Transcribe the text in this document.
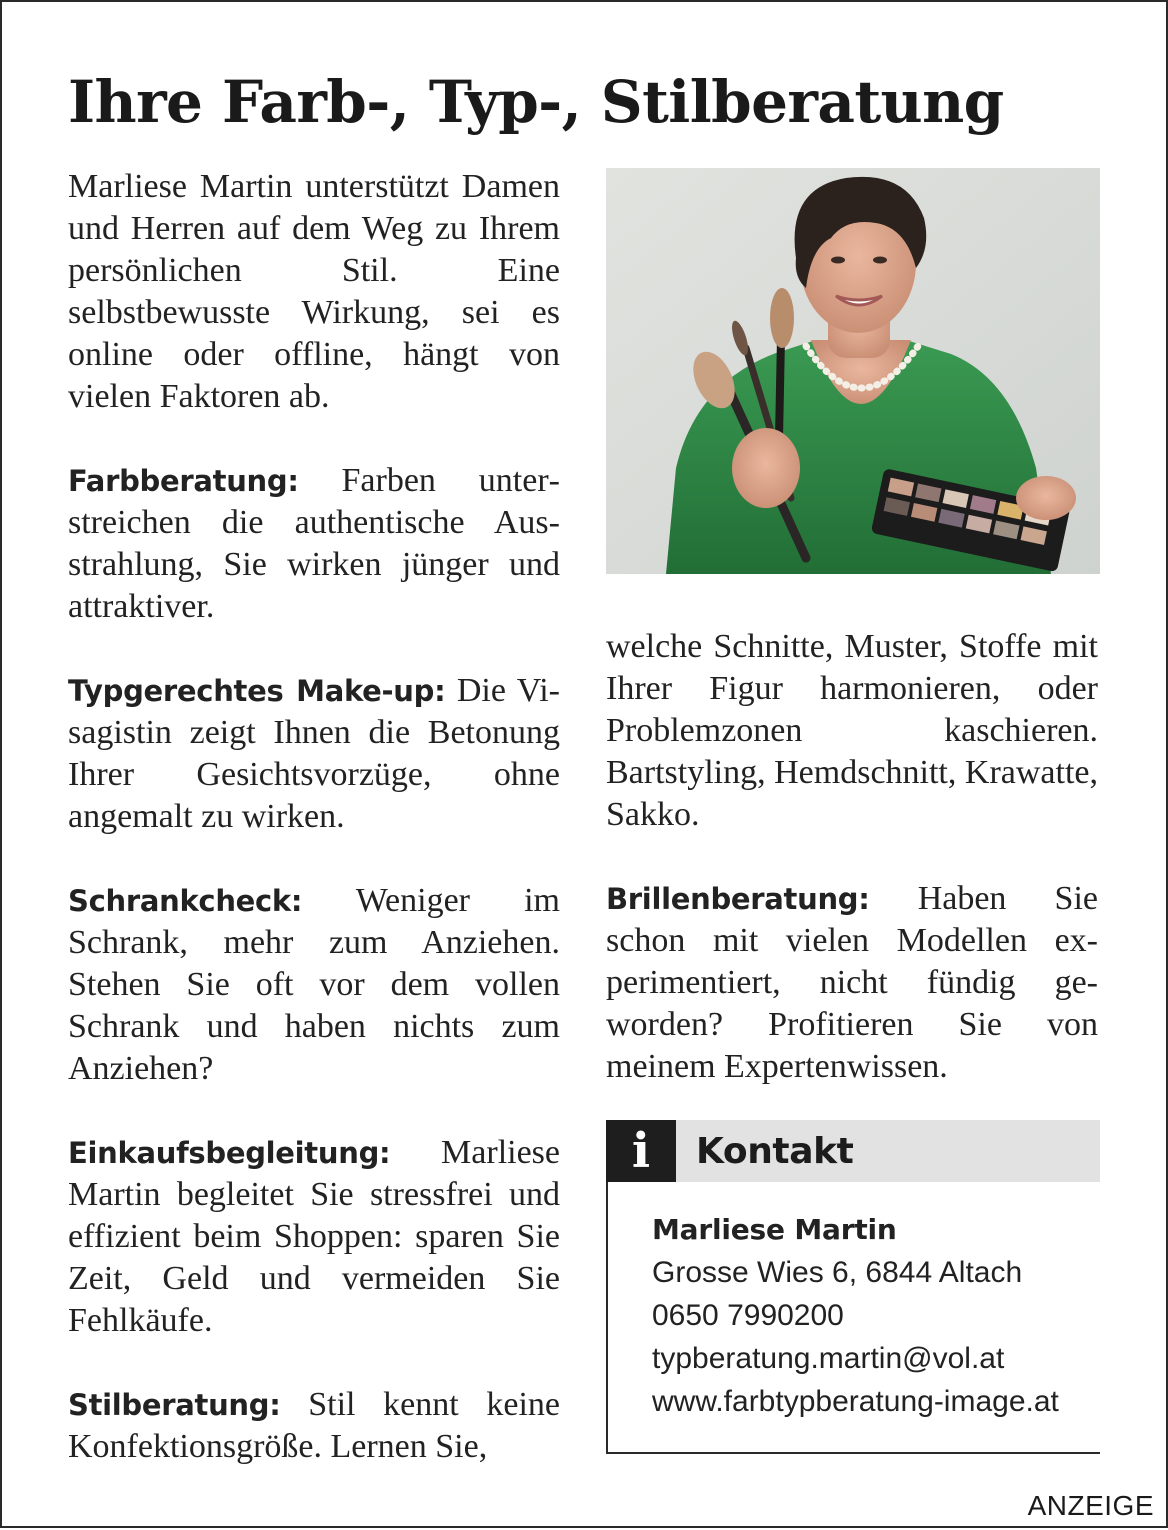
Ihre Farb-, Typ-, Stilberatung

Marliese Martin unterstützt Damen und Herren auf dem Weg zu Ihrem persönlichen Stil. Eine selbstbewusste Wirkung, sei es online oder offline, hängt von vielen Faktoren ab.

Farbberatung: Farben unterstreichen die authentische Ausstrahlung, Sie wirken jünger und attraktiver.

Typgerechtes Make-up: Die Visagistin zeigt Ihnen die Betonung Ihrer Gesichtsvorzüge, ohne angemalt zu wirken.

Schrankcheck: Weniger im Schrank, mehr zum Anziehen. Stehen Sie oft vor dem vollen Schrank und haben nichts zum Anziehen?

Einkaufsbegleitung: Marliese Martin begleitet Sie stressfrei und effizient beim Shoppen: sparen Sie Zeit, Geld und vermeiden Sie Fehlkäufe.

Stilberatung: Stil kennt keine Konfektionsgröße. Lernen Sie,

welche Schnitte, Muster, Stoffe mit Ihrer Figur harmonieren, oder Problemzonen kaschieren. Bartstyling, Hemdschnitt, Krawatte, Sakko.

Brillenberatung: Haben Sie schon mit vielen Modellen experimentiert, nicht fündig geworden? Profitieren Sie von meinem Expertenwissen.

i	Kontakt
Marliese Martin
Grosse Wies 6, 6844 Altach
0650 7990200
typberatung.martin@vol.at
www.farbtypberatung-image.at
ANZEIGE
